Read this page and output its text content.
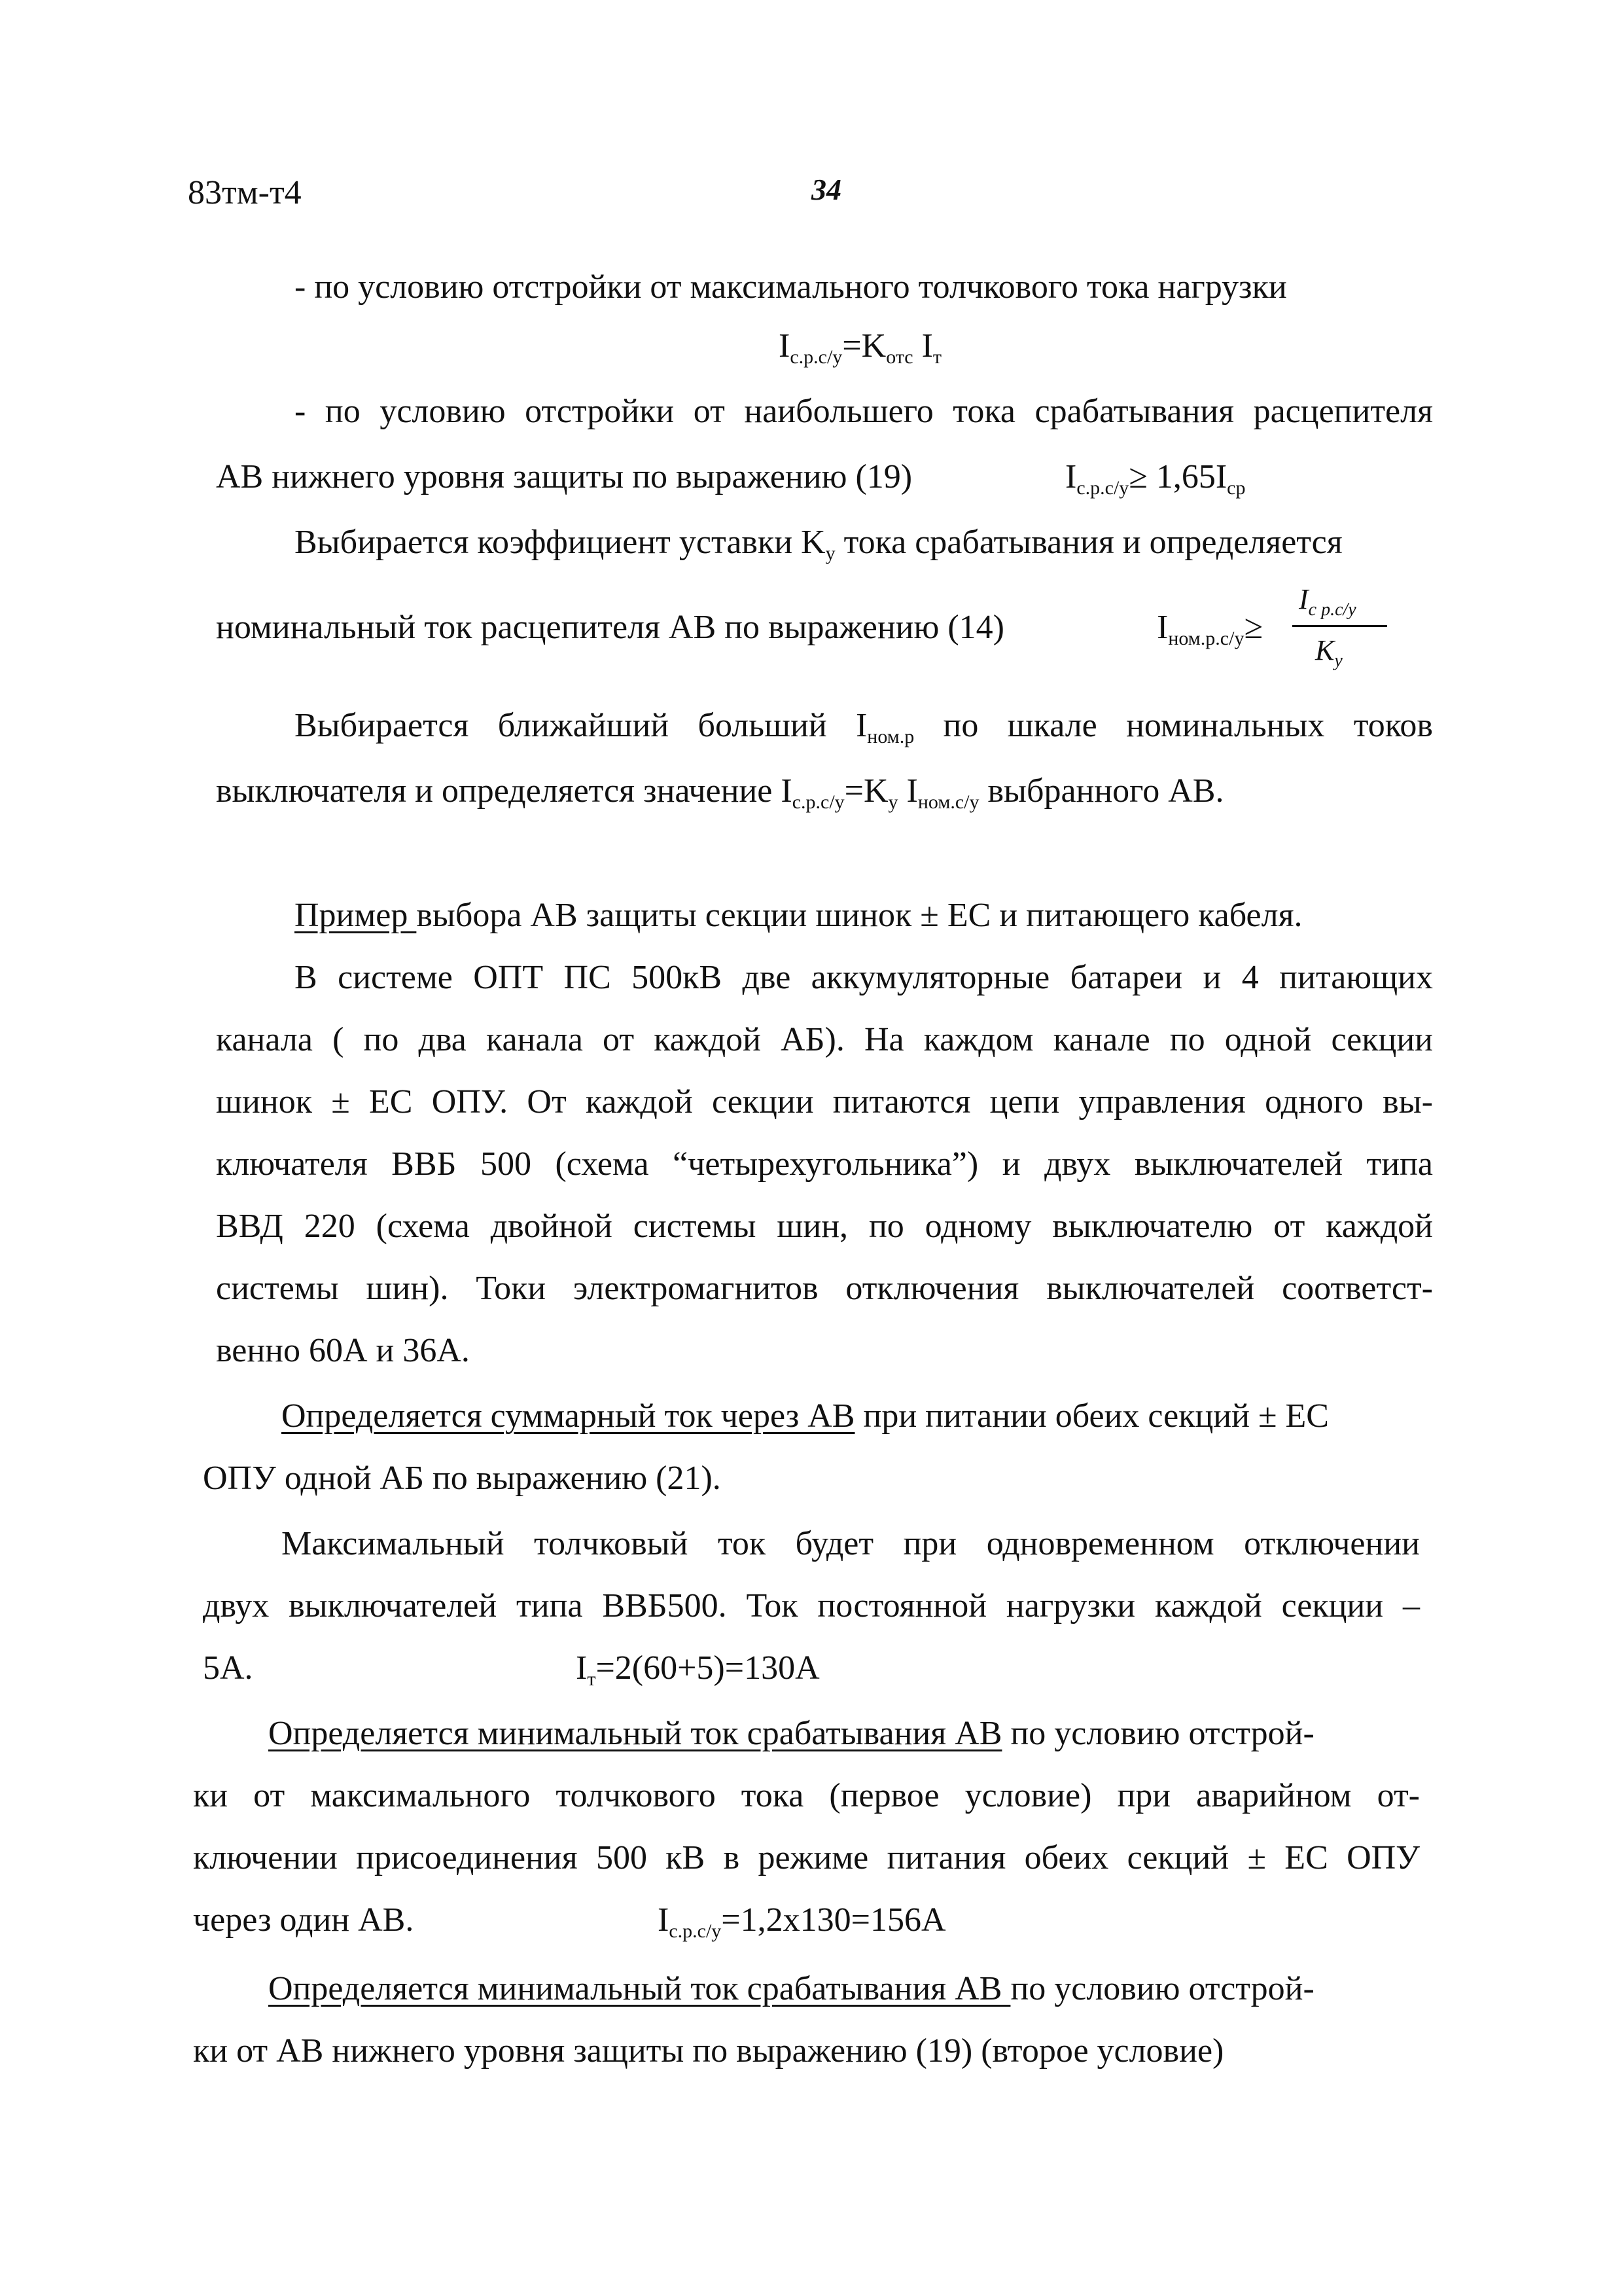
83тм-т4	34
- по условию отстройки от максимального толчкового тока нагрузки
$I_{с.р.с/у}=K_{отс}$ $I_т$
- по условию отстройки от наибольшего тока срабатывания расцепителя
АВ нижнего уровня защиты по выражению (19)	$I_{с.р.с/у}\ge 1,65I_{ср}$
Выбирается коэффициент уставки $K_у$ тока срабатывания и определяется
номинальный ток расцепителя АВ по выражению (14)	$I_{ном.р.с/у}\ge$
$I_{с р.с/у}$
$K_у$
Выбирается ближайший больший $I_{ном.р}$ по шкале номинальных токов
выключателя и определяется значение $I_{с.р.с/у}=K_у$ $I_{ном.с/у}$ выбранного АВ.
Пример выбора АВ защиты секции шинок ± ЕС и питающего кабеля.
В системе ОПТ ПС 500кВ две аккумуляторные батареи и 4 питающих
канала ( по два канала от каждой АБ). На каждом канале по одной секции
шинок ± ЕС ОПУ. От каждой секции питаются цепи управления одного вы-
ключателя ВВБ 500 (схема “четырехугольника”) и двух выключателей типа
ВВД 220 (схема двойной системы шин, по одному выключателю от каждой
системы шин). Токи электромагнитов отключения выключателей соответст-
венно 60А и 36А.
Определяется суммарный ток через АВ при питании обеих секций ± ЕС
ОПУ одной АБ по выражению (21).
Максимальный толчковый ток будет при одновременном отключении
двух выключателей типа ВВБ500. Ток постоянной нагрузки каждой секции –
5А.	$I_т=2(60+5)=130А$
Определяется минимальный ток срабатывания АВ по условию отстрой-
ки от максимального толчкового тока (первое условие) при аварийном от-
ключении присоединения 500 кВ в режиме питания обеих секций ± ЕС ОПУ
через один АВ.	$I_{с.р.с/у}=1,2х130=156А$
Определяется минимальный ток срабатывания АВ по условию отстрой-
ки от АВ нижнего уровня защиты по выражению (19) (второе условие)
